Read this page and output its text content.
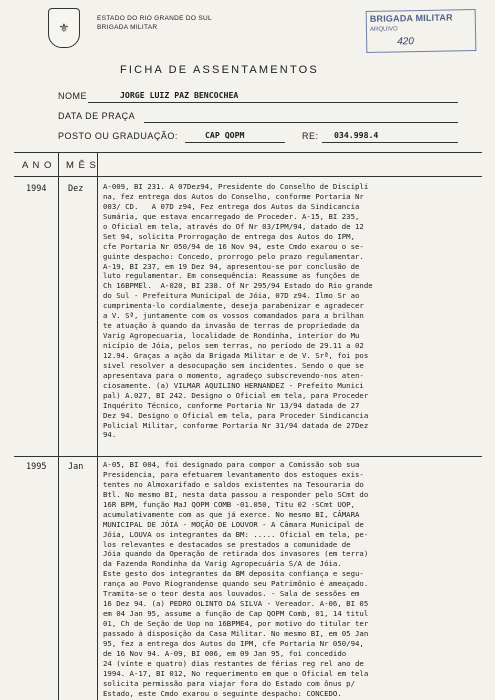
⚜
ESTADO DO RIO GRANDE DO SUL
BRIGADA MILITAR
BRIGADA MILITAR
ARQUIVO
420
FICHA DE ASSENTAMENTOS
NOME	JORGE LUIZ PAZ BENCOCHEA
DATA DE PRAÇA
POSTO OU GRADUAÇÃO:	CAP QOPM	RE: 034.998.4
A N O M Ê S
1994	Dez	A-009, BI 231. A 07Dez94, Presidente do Conselho de Disciplí
na, fez entrega dos Autos do Conselho, conforme Portaria Nr
003/ CD.   A 07D z94, Fez entrega dos Autos da Sindicancia
Sumária, que estava encarregado de Proceder. A-15, BI 235,
o Oficial em tela, através do Of Nr 03/IPM/94, datado de 12
Set 94, solicita Prorrogação de entrega dos Autos do IPM,
cfe Portaria Nr 050/94 de 16 Nov 94, este Cmdo exarou o se-
guinte despacho: Concedo, prorrogo pelo prazo regulamentar.
A-19, BI 237, em 19 Dez 94, apresentou-se por conclusão de
luto regulamentar. Em consequência: Reassume as funções de
Ch 16BPMEl.  A-020, BI 238. Of Nr 295/94 Estado do Rio grande
do Sul - Prefeitura Municipal de Jóia, 07D z94. Ilmo Sr ao
cumprimenta-lo cordialmente, deseja parabenizar e agradecer
a V. Sª, juntamente com os vossos comandados para a brilhan
te atuação à quando da invasão de terras de propriedade da
Varig Agropecuaria, localidade de Rondinha, interior do Mu
nicípio de Jóia, pelos sem terras, no período de 29.11 a 02
12.94. Graças a ação da Brigada Militar e de V. Srª, foi pos
sivel resolver a desocupação sem incidentes. Sendo o que se
apresentava para o momento, agradeço subscrevendo-nos aten-
ciosamente. (a) VILMAR AQUILINO HERNANDEZ - Prefeito Munici
pal) A.027, BI 242. Designo o Oficial em tela, para Proceder
Inquérito Técnico, conforme Portaria Nr 13/94 datada de 27
Dez 94. Designo o Oficial em tela, para Proceder Sindicancia
Policial Militar, conforme Portaria Nr 31/94 datada de 27Dez
94.
1995	Jan	A-05, BI 004, foi designado para compor a Comissão sob sua
Presidencia, para efetuarem levantamento dos estoques exis-
tentes no Almoxarifado e saldos existentes na Tesouraria do
Btl. No mesmo BI, nesta data passou a responder pelo SCmt do
16R BPM, função MaJ QOPM COMB -01.050, Titu 02 -SCmt UOP,
acumulativamente com as que já exerce. No mesmo BI, CÂMARA
MUNICIPAL DE JÓIA - MOÇÃO DE LOUVOR - A Câmara Municipal de
Jóia, LOUVA os integrantes da BM: ..... Oficial em tela, pe-
los relevantes e destacados se prestados a comunidade de
Jóia quando da Operação de retirada dos invasores (em terra)
da Fazenda Rondinha da Varig Agropecuária S/A de Jóia.
Este gesto dos integrantes da BM deposita confiança e segu-
rança ao Povo Riograndense quando seu Patrimônio é ameaçado.
Tramita-se o teor desta aos louvados. - Sala de sessões em
16 Dez 94. (a) PEDRO OLINTO DA SILVA - Vereador. A-06, BI 05
em 04 Jan 95, assume a função de Cap QOPM Comb, 01, 14 titul
01, Ch de Seção de Uop no 16BPME4, por motivo do titular ter
passado à disposição da Casa Militar. No mesmo BI, em 05 Jan
95, fez a entrega dos Autos do IPM, cfe Portaria Nr 050/94,
de 16 Nov 94. A-09, BI 006, em 09 Jan 95, foi concedido
24 (vinte e quatro) dias restantes de férias reg rel ano de
1994. A-17, BI 012, No requerimento em que o Oficial em tela
solicita permissão para viajar fora do Estado com ônus p/
Estado, este Cmdo exarou o seguinte despacho: CONCEDO.
